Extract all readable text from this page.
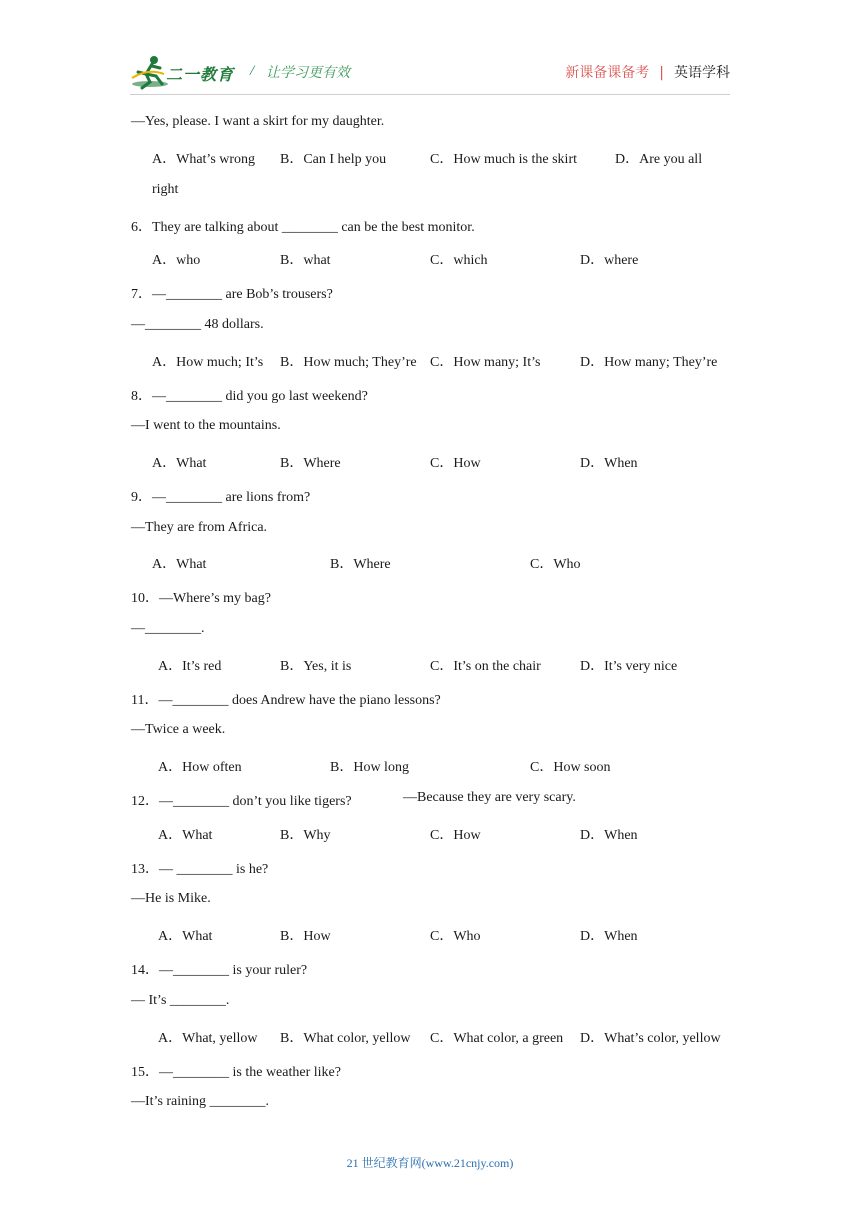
二一教育 / 让学习更有效	新课备课备考 | 英语学科
—Yes, please. I want a skirt for my daughter.
A．What’s wrong B．Can I help you	C．How much is the skirt	D．Are you all
right
6．They are talking about ________ can be the best monitor.
A．who	B．what	C．which	D．where
7．—________ are Bob’s trousers?
—________ 48 dollars.
A．How much; It’s B．How much; They’re C．How many; It’s	D．How many; They’re
8．—________ did you go last weekend?
—I went to the mountains.
A．What	B．Where	C．How	D．When
9．—________ are lions from?
—They are from Africa.
A．What	B．Where	C．Who
10．—Where’s my bag?
—________.
A．It’s red	B．Yes, it is	C．It’s on the chair	D．It’s very nice
11．—________ does Andrew have the piano lessons?
—Twice a week.
A．How often	B．How long	C．How soon
12．—________ don’t you like tigers?	—Because they are very scary.
A．What	B．Why	C．How	D．When
13．— ________ is he?
—He is Mike.
A．What	B．How	C．Who	D．When
14．—________ is your ruler?
— It’s ________.
A．What, yellow B．What color, yellow C．What color, a green D．What’s color, yellow
15．—________ is the weather like?
—It’s raining ________.
21 世纪教育网(www.21cnjy.com)
